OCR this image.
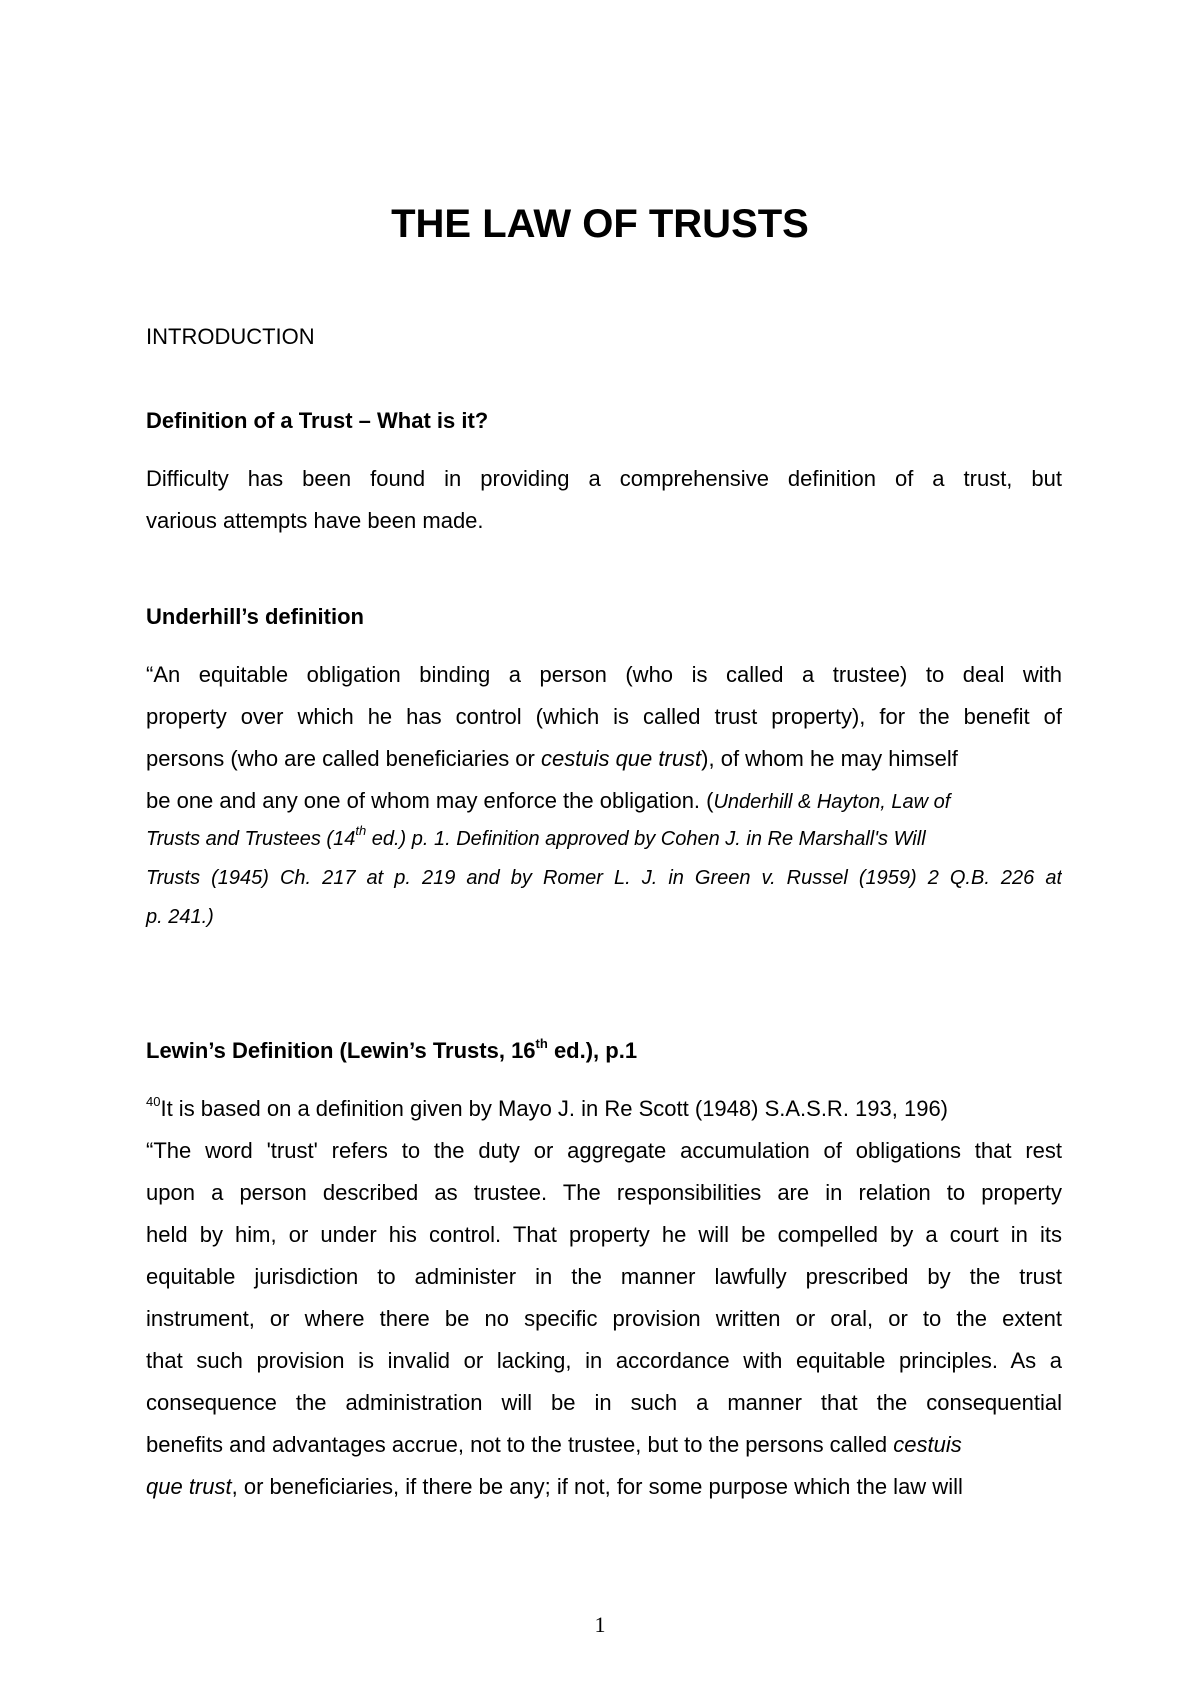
THE LAW OF TRUSTS
INTRODUCTION
Definition of a Trust – What is it?
Difficulty has been found in providing a comprehensive definition of a trust, but
various attempts have been made.
Underhill’s definition
“An equitable obligation binding a person (who is called a trustee) to deal with
property over which he has control (which is called trust property), for the benefit of
persons (who are called beneficiaries or cestuis que trust), of whom he may himself
be one and any one of whom may enforce the obligation. (Underhill & Hayton, Law of
Trusts and Trustees (14th ed.) p. 1. Definition approved by Cohen J. in Re Marshall's Will
Trusts (1945) Ch. 217 at p. 219 and by Romer L. J. in Green v. Russel (1959) 2 Q.B. 226 at
p. 241.)
Lewin’s Definition (Lewin’s Trusts, 16th ed.), p.1
$^{40}$It is based on a definition given by Mayo J. in Re Scott (1948) S.A.S.R. 193, 196)
“The word 'trust' refers to the duty or aggregate accumulation of obligations that rest
upon a person described as trustee. The responsibilities are in relation to property
held by him, or under his control. That property he will be compelled by a court in its
equitable jurisdiction to administer in the manner lawfully prescribed by the trust
instrument, or where there be no specific provision written or oral, or to the extent
that such provision is invalid or lacking, in accordance with equitable principles. As a
consequence the administration will be in such a manner that the consequential
benefits and advantages accrue, not to the trustee, but to the persons called cestuis
que trust, or beneficiaries, if there be any; if not, for some purpose which the law will
1
